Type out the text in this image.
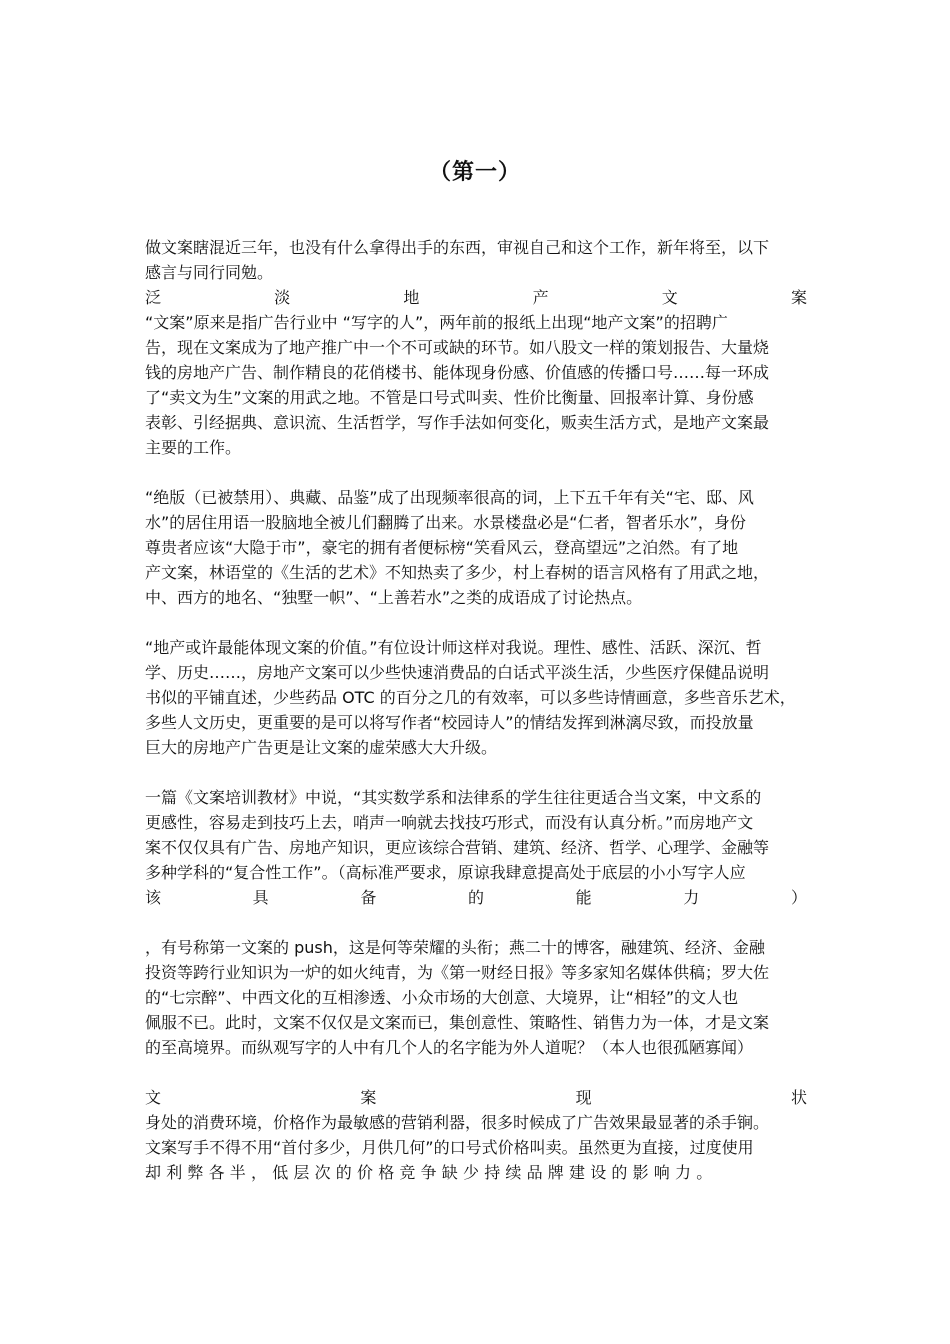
（第一）
做文案瞎混近三年，也没有什么拿得出手的东西，审视自己和这个工作，新年将至，以下
感言与同行同勉。
泛	淡	地	产	文	案
“文案”原来是指广告行业中 “写字的人”，两年前的报纸上出现“地产文案”的招聘广
告，现在文案成为了地产推广中一个不可或缺的环节。如八股文一样的策划报告、大量烧
钱的房地产广告、制作精良的花俏楼书、能体现身份感、价值感的传播口号……每一环成
了“卖文为生”文案的用武之地。不管是口号式叫卖、性价比衡量、回报率计算、身份感
表彰、引经据典、意识流、生活哲学，写作手法如何变化，贩卖生活方式，是地产文案最
主要的工作。
“绝版（已被禁用）、典藏、品鉴”成了出现频率很高的词，上下五千年有关“宅、邸、风
水”的居住用语一股脑地全被儿们翻腾了出来。水景楼盘必是“仁者，智者乐水”，身份
尊贵者应该“大隐于市”，豪宅的拥有者便标榜“笑看风云，登高望远”之泊然。有了地
产文案，林语堂的《生活的艺术》不知热卖了多少，村上春树的语言风格有了用武之地，
中、西方的地名、“独墅一帜”、“上善若水”之类的成语成了讨论热点。
“地产或许最能体现文案的价值。”有位设计师这样对我说。理性、感性、活跃、深沉、哲
学、历史……，房地产文案可以少些快速消费品的白话式平淡生活，少些医疗保健品说明
书似的平铺直述，少些药品 OTC 的百分之几的有效率，可以多些诗情画意，多些音乐艺术，
多些人文历史，更重要的是可以将写作者“校园诗人”的情结发挥到淋漓尽致，而投放量
巨大的房地产广告更是让文案的虚荣感大大升级。
一篇《文案培训教材》中说，“其实数学系和法律系的学生往往更适合当文案，中文系的
更感性，容易走到技巧上去，哨声一响就去找技巧形式，而没有认真分析。”而房地产文
案不仅仅具有广告、房地产知识，更应该综合营销、建筑、经济、哲学、心理学、金融等
多种学科的“复合性工作”。（高标准严要求，原谅我肆意提高处于底层的小小写字人应
该	具	备	的	能	力	）
，有号称第一文案的 push，这是何等荣耀的头衔；燕二十的博客，融建筑、经济、金融
投资等跨行业知识为一炉的如火纯青，为《第一财经日报》等多家知名媒体供稿；罗大佐
的“七宗醉”、中西文化的互相渗透、小众市场的大创意、大境界，让“相轻”的文人也
佩服不已。此时，文案不仅仅是文案而已，集创意性、策略性、销售力为一体，才是文案
的至高境界。而纵观写字的人中有几个人的名字能为外人道呢？（本人也很孤陋寡闻）
文	案	现	状
身处的消费环境，价格作为最敏感的营销利器，很多时候成了广告效果最显著的杀手锏。
文案写手不得不用“首付多少，月供几何”的口号式价格叫卖。虽然更为直接，过度使用
却利弊各半，低层次的价格竞争缺少持续品牌建设的影响力。
